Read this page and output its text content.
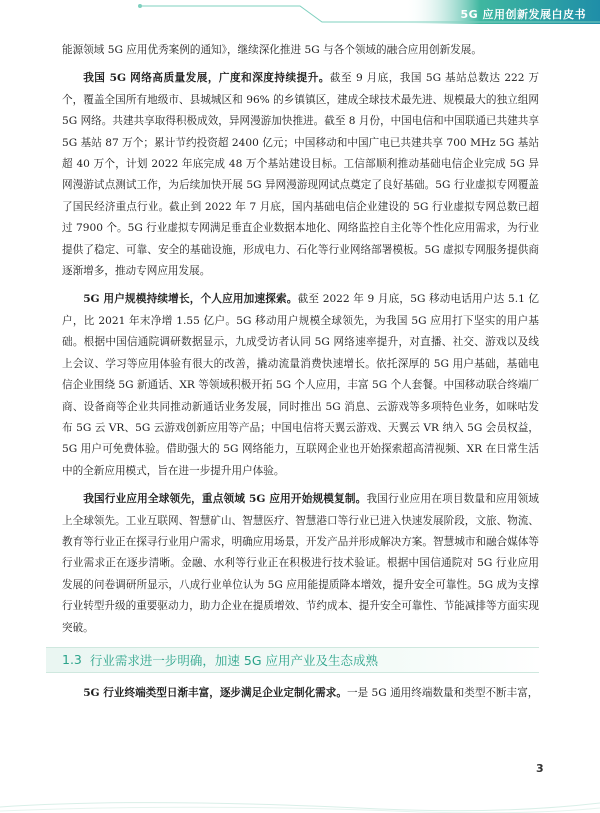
5G 应用创新发展白皮书

能源领域 5G 应用优秀案例的通知》，继续深化推进 5G 与各个领域的融合应用创新发展。

我国 5G 网络高质量发展，广度和深度持续提升。截至 9 月底，我国 5G 基站总数达 222 万个，覆盖全国所有地级市、县城城区和 96% 的乡镇镇区，建成全球技术最先进、规模最大的独立组网 5G 网络。共建共享取得积极成效，异网漫游加快推进。截至 8 月份，中国电信和中国联通已共建共享 5G 基站 87 万个；累计节约投资超 2400 亿元；中国移动和中国广电已共建共享 700 MHz 5G 基站超 40 万个，计划 2022 年底完成 48 万个基站建设目标。工信部顺利推动基础电信企业完成 5G 异网漫游试点测试工作，为后续加快开展 5G 异网漫游现网试点奠定了良好基础。5G 行业虚拟专网覆盖了国民经济重点行业。截止到 2022 年 7 月底，国内基础电信企业建设的 5G 行业虚拟专网总数已超过 7900 个。5G 行业虚拟专网满足垂直企业数据本地化、网络监控自主化等个性化应用需求，为行业提供了稳定、可靠、安全的基础设施，形成电力、石化等行业网络部署模板。5G 虚拟专网服务提供商逐渐增多，推动专网应用发展。

5G 用户规模持续增长，个人应用加速探索。截至 2022 年 9 月底，5G 移动电话用户达 5.1 亿户，比 2021 年末净增 1.55 亿户。5G 移动用户规模全球领先，为我国 5G 应用打下坚实的用户基础。根据中国信通院调研数据显示，九成受访者认同 5G 网络速率提升，对直播、社交、游戏以及线上会议、学习等应用体验有很大的改善，撬动流量消费快速增长。依托深厚的 5G 用户基础，基础电信企业围绕 5G 新通话、XR 等领域积极开拓 5G 个人应用，丰富 5G 个人套餐。中国移动联合终端厂商、设备商等企业共同推动新通话业务发展，同时推出 5G 消息、云游戏等多项特色业务，如咪咕发布 5G 云 VR、5G 云游戏创新应用等产品；中国电信将天翼云游戏、天翼云 VR 纳入 5G 会员权益，5G 用户可免费体验。借助强大的 5G 网络能力，互联网企业也开始探索超高清视频、XR 在日常生活中的全新应用模式，旨在进一步提升用户体验。

我国行业应用全球领先，重点领域 5G 应用开始规模复制。我国行业应用在项目数量和应用领域上全球领先。工业互联网、智慧矿山、智慧医疗、智慧港口等行业已进入快速发展阶段，文旅、物流、教育等行业正在探寻行业用户需求，明确应用场景，开发产品并形成解决方案。智慧城市和融合媒体等行业需求正在逐步清晰。金融、水利等行业正在积极进行技术验证。根据中国信通院对 5G 行业应用发展的问卷调研所显示，八成行业单位认为 5G 应用能提质降本增效，提升安全可靠性。5G 成为支撑行业转型升级的重要驱动力，助力企业在提质增效、节约成本、提升安全可靠性、节能减排等方面实现突破。

1.3 行业需求进一步明确，加速 5G 应用产业及生态成熟

5G 行业终端类型日渐丰富，逐步满足企业定制化需求。一是 5G 通用终端数量和类型不断丰富，

3
